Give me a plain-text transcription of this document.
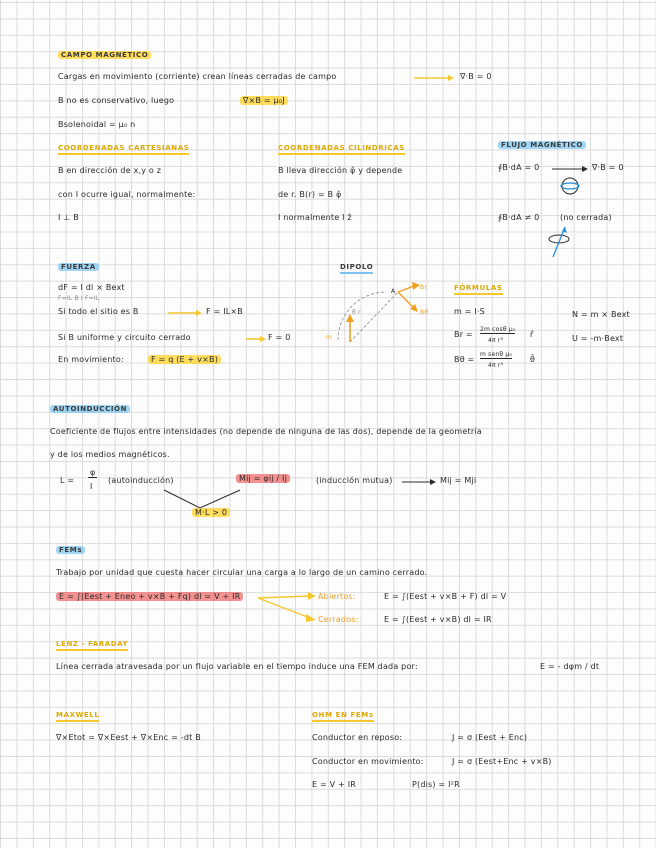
CAMPO MAGNÉTICO
Cargas en movimiento (corriente) crean líneas cerradas de campo	∇·B = 0
B no es conservativo, luego	∇×B = μ₀J
Bsolenoidal = μ₀ n
COORDENADAS CARTESIANAS
B en dirección de x,y o z
con I ocurre igual, normalmente:
I ⊥ B
COORDENADAS CILÍNDRICAS
B lleva dirección φ̂ y depende
de r. B(r) = B φ̂
I normalmente I ẑ
FLUJO MAGNÉTICO
∮B·dA = 0	∇·B = 0
∮B·dA ≠ 0	(no cerrada)
FUERZA
dF = I dl × Bext
F=IL B I F=IL
Si todo el sitio es B	F = IL×B
Si B uniforme y circuito cerrado	F = 0
En movimiento:	F = q (E + v×B)
DIPOLO
A
Br
Bθ
θ r
m
FÓRMULAS
m = I·S
Br =
2m cosθ μ₀
4π r³
r̂
Bθ =
m senθ μ₀
4π r³
θ̂
N = m × Bext
U = -m·Bext
AUTOINDUCCIÓN
Coeficiente de flujos entre intensidades (no depende de ninguna de las dos), depende de la geometría
y de los medios magnéticos.
L =
φ
I
(autoinducción)	Mij = φij / Ij	(inducción mutua)	Mij = Mji
M·L > 0
FEMs
Trabajo por unidad que cuesta hacer circular una carga a lo largo de un camino cerrado.
E = ∫(Eest + Eneo + v×B + Fq) dl = V + IR	Abiertos:	E = ∫(Eest + v×B + F) dl = V
Cerrados:	E = ∫(Eest + v×B) dl = IR
LENZ - FARADAY
Línea cerrada atravesada por un flujo variable en el tiempo induce una FEM dada por:	E = - dφm / dt
MAXWELL
∇×Etot = ∇×Eest + ∇×Enc = -dt B
OHM EN FEMs
Conductor en reposo:	J = σ (Eest + Enc)
Conductor en movimiento:	J = σ (Eest+Enc + v×B)
E = V + IR	P(dis) = I²R
